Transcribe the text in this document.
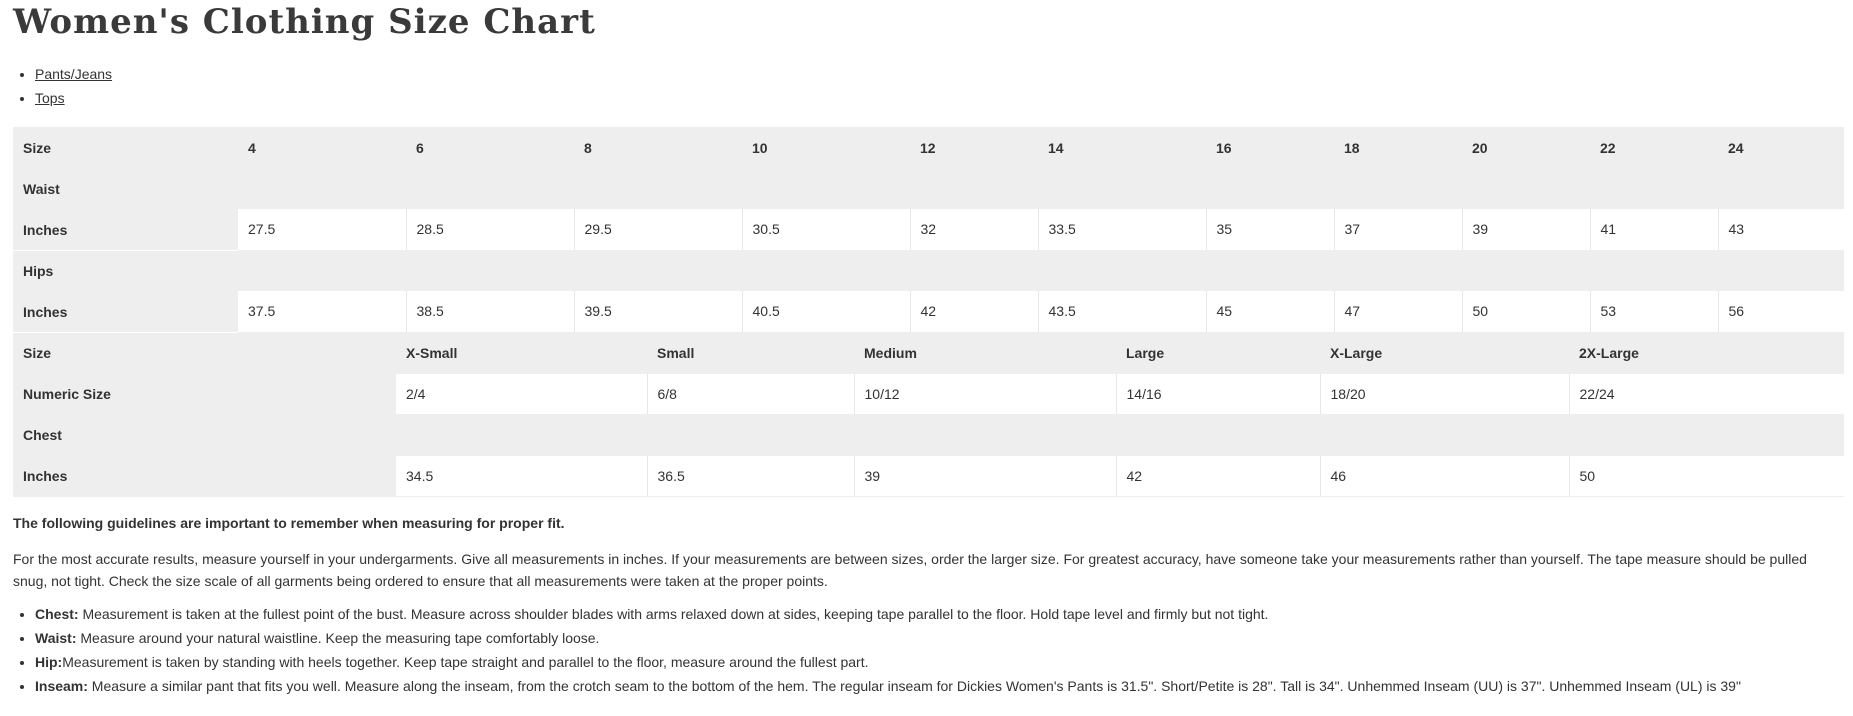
Women's Clothing Size Chart
• Pants/Jeans
• Tops
Size	4	6	8	10	12	14	16	18	20	22	24
Waist											
Inches	27.5	28.5	29.5	30.5	32	33.5	35	37	39	41	43
Hips											
Inches	37.5	38.5	39.5	40.5	42	43.5	45	47	50	53	56
Size	X-Small	Small	Medium	Large	X-Large	2X-Large
Numeric Size	2/4	6/8	10/12	14/16	18/20	22/24
Chest						
Inches	34.5	36.5	39	42	46	50

The following guidelines are important to remember when measuring for proper fit.

For the most accurate results, measure yourself in your undergarments. Give all measurements in inches. If your measurements are between sizes, order the larger size. For greatest accuracy, have someone take your measurements rather than yourself. The tape measure should be pulled snug, not tight. Check the size scale of all garments being ordered to ensure that all measurements were taken at the proper points.

• Chest: Measurement is taken at the fullest point of the bust. Measure across shoulder blades with arms relaxed down at sides, keeping tape parallel to the floor. Hold tape level and firmly but not tight.
• Waist: Measure around your natural waistline. Keep the measuring tape comfortably loose.
• Hip:Measurement is taken by standing with heels together. Keep tape straight and parallel to the floor, measure around the fullest part.
• Inseam: Measure a similar pant that fits you well. Measure along the inseam, from the crotch seam to the bottom of the hem. The regular inseam for Dickies Women's Pants is 31.5". Short/Petite is 28". Tall is 34". Unhemmed Inseam (UU) is 37". Unhemmed Inseam (UL) is 39"
